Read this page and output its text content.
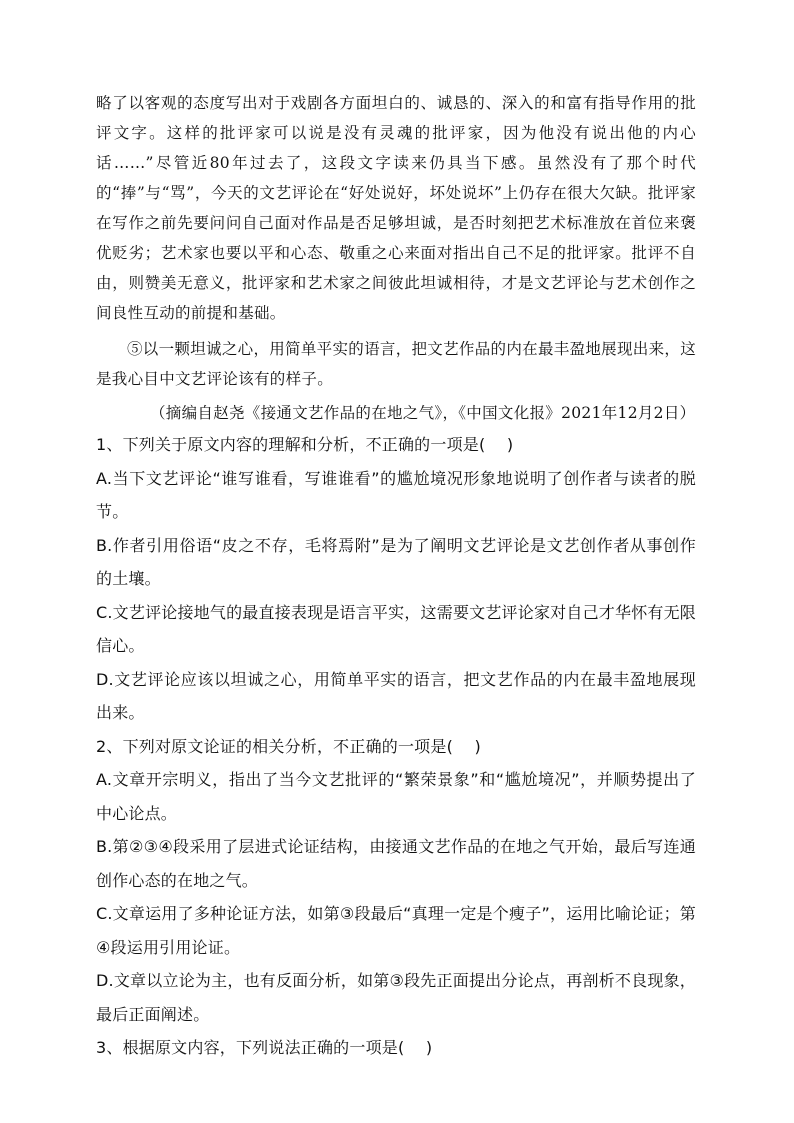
略了以客观的态度写出对于戏剧各方面坦白的、诚恳的、深入的和富有指导作用的批评文字。这样的批评家可以说是没有灵魂的批评家，因为他没有说出他的内心话……”尽管近80年过去了，这段文字读来仍具当下感。虽然没有了那个时代的“捧”与“骂”，今天的文艺评论在“好处说好，坏处说坏”上仍存在很大欠缺。批评家在写作之前先要问问自己面对作品是否足够坦诚，是否时刻把艺术标准放在首位来褒优贬劣；艺术家也要以平和心态、敬重之心来面对指出自己不足的批评家。批评不自由，则赞美无意义，批评家和艺术家之间彼此坦诚相待，才是文艺评论与艺术创作之间良性互动的前提和基础。

⑤以一颗坦诚之心，用简单平实的语言，把文艺作品的内在最丰盈地展现出来，这是我心目中文艺评论该有的样子。

（摘编自赵尧《接通文艺作品的在地之气》，《中国文化报》2021年12月2日）

1、下列关于原文内容的理解和分析，不正确的一项是(　 )

A.当下文艺评论“谁写谁看，写谁谁看”的尴尬境况形象地说明了创作者与读者的脱节。

B.作者引用俗语“皮之不存，毛将焉附”是为了阐明文艺评论是文艺创作者从事创作的土壤。

C.文艺评论接地气的最直接表现是语言平实，这需要文艺评论家对自己才华怀有无限信心。

D.文艺评论应该以坦诚之心，用简单平实的语言，把文艺作品的内在最丰盈地展现出来。

2、下列对原文论证的相关分析，不正确的一项是(　 )

A.文章开宗明义，指出了当今文艺批评的“繁荣景象”和“尴尬境况”，并顺势提出了中心论点。

B.第②③④段采用了层进式论证结构，由接通文艺作品的在地之气开始，最后写连通创作心态的在地之气。

C.文章运用了多种论证方法，如第③段最后“真理一定是个瘦子”，运用比喻论证；第④段运用引用论证。

D.文章以立论为主，也有反面分析，如第③段先正面提出分论点，再剖析不良现象，最后正面阐述。

3、根据原文内容，下列说法正确的一项是(　 )
